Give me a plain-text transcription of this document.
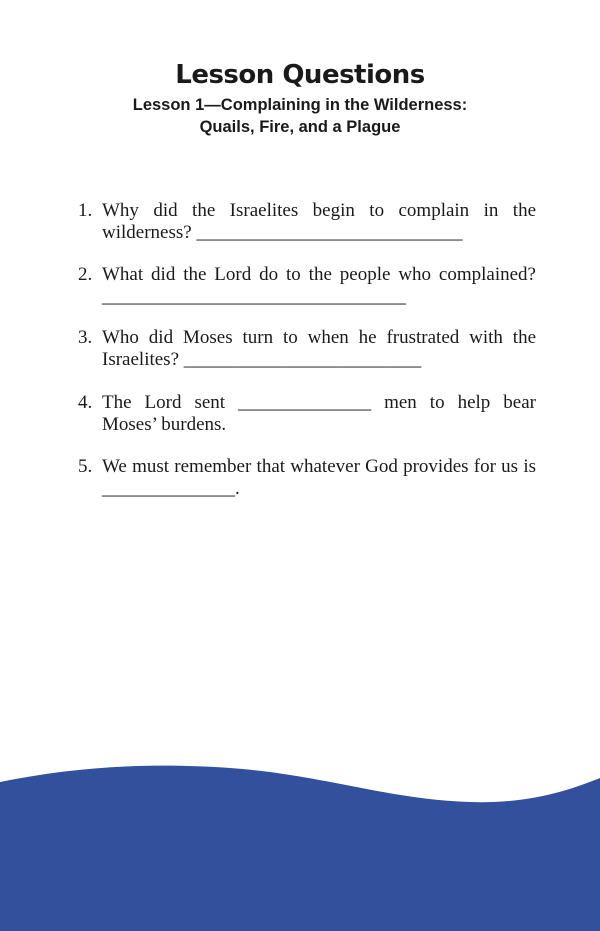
Lesson Questions
Lesson 1—Complaining in the Wilderness:
Quails, Fire, and a Plague
1. Why did the Israelites begin to complain in the wilderness? ____________________________
2. What did the Lord do to the people who complained? ________________________________
3. Who did Moses turn to when he frustrated with the Israelites? _________________________
4. The Lord sent ______________ men to help bear Moses’ burdens.
5. We must remember that whatever God provides for us is ______________.
